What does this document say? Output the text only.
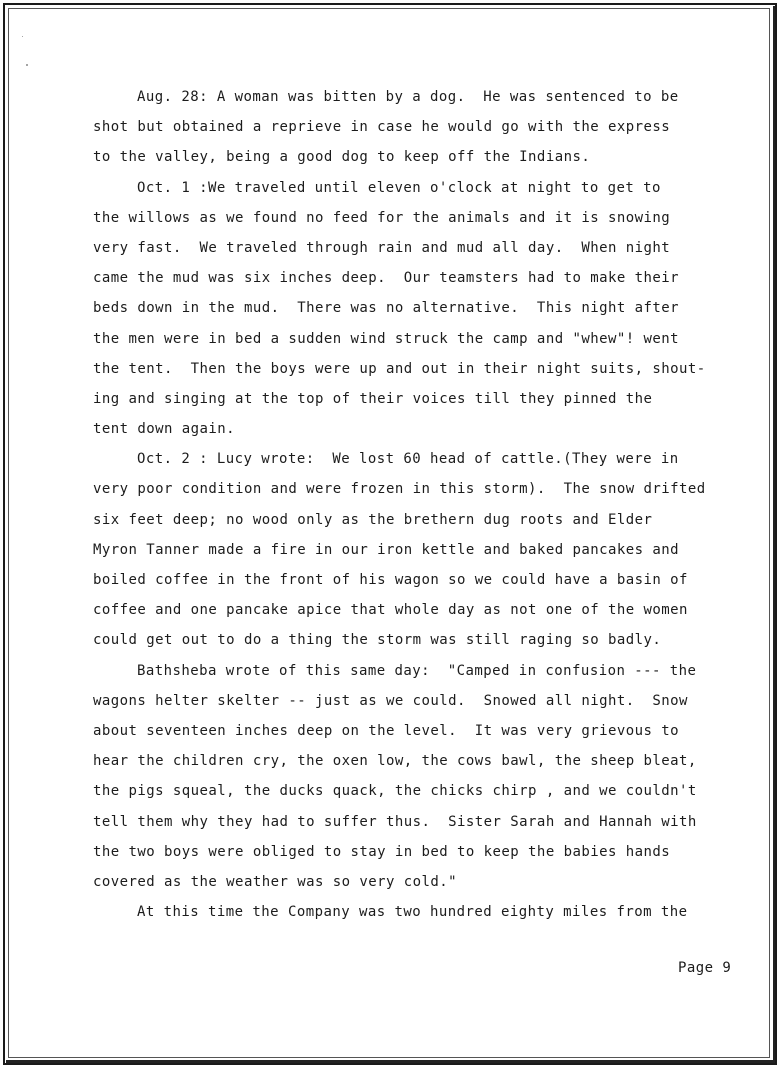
Aug. 28: A woman was bitten by a dog.  He was sentenced to be
shot but obtained a reprieve in case he would go with the express
to the valley, being a good dog to keep off the Indians.
Oct. 1 :We traveled until eleven o'clock at night to get to
the willows as we found no feed for the animals and it is snowing
very fast.  We traveled through rain and mud all day.  When night
came the mud was six inches deep.  Our teamsters had to make their
beds down in the mud.  There was no alternative.  This night after
the men were in bed a sudden wind struck the camp and "whew"! went
the tent.  Then the boys were up and out in their night suits, shout-
ing and singing at the top of their voices till they pinned the
tent down again.
Oct. 2 : Lucy wrote:  We lost 60 head of cattle.(They were in
very poor condition and were frozen in this storm).  The snow drifted
six feet deep; no wood only as the brethern dug roots and Elder
Myron Tanner made a fire in our iron kettle and baked pancakes and
boiled coffee in the front of his wagon so we could have a basin of
coffee and one pancake apice that whole day as not one of the women
could get out to do a thing the storm was still raging so badly.
Bathsheba wrote of this same day:  "Camped in confusion --- the
wagons helter skelter -- just as we could.  Snowed all night.  Snow
about seventeen inches deep on the level.  It was very grievous to
hear the children cry, the oxen low, the cows bawl, the sheep bleat,
the pigs squeal, the ducks quack, the chicks chirp , and we couldn't
tell them why they had to suffer thus.  Sister Sarah and Hannah with
the two boys were obliged to stay in bed to keep the babies hands
covered as the weather was so very cold."
At this time the Company was two hundred eighty miles from the
Page 9
